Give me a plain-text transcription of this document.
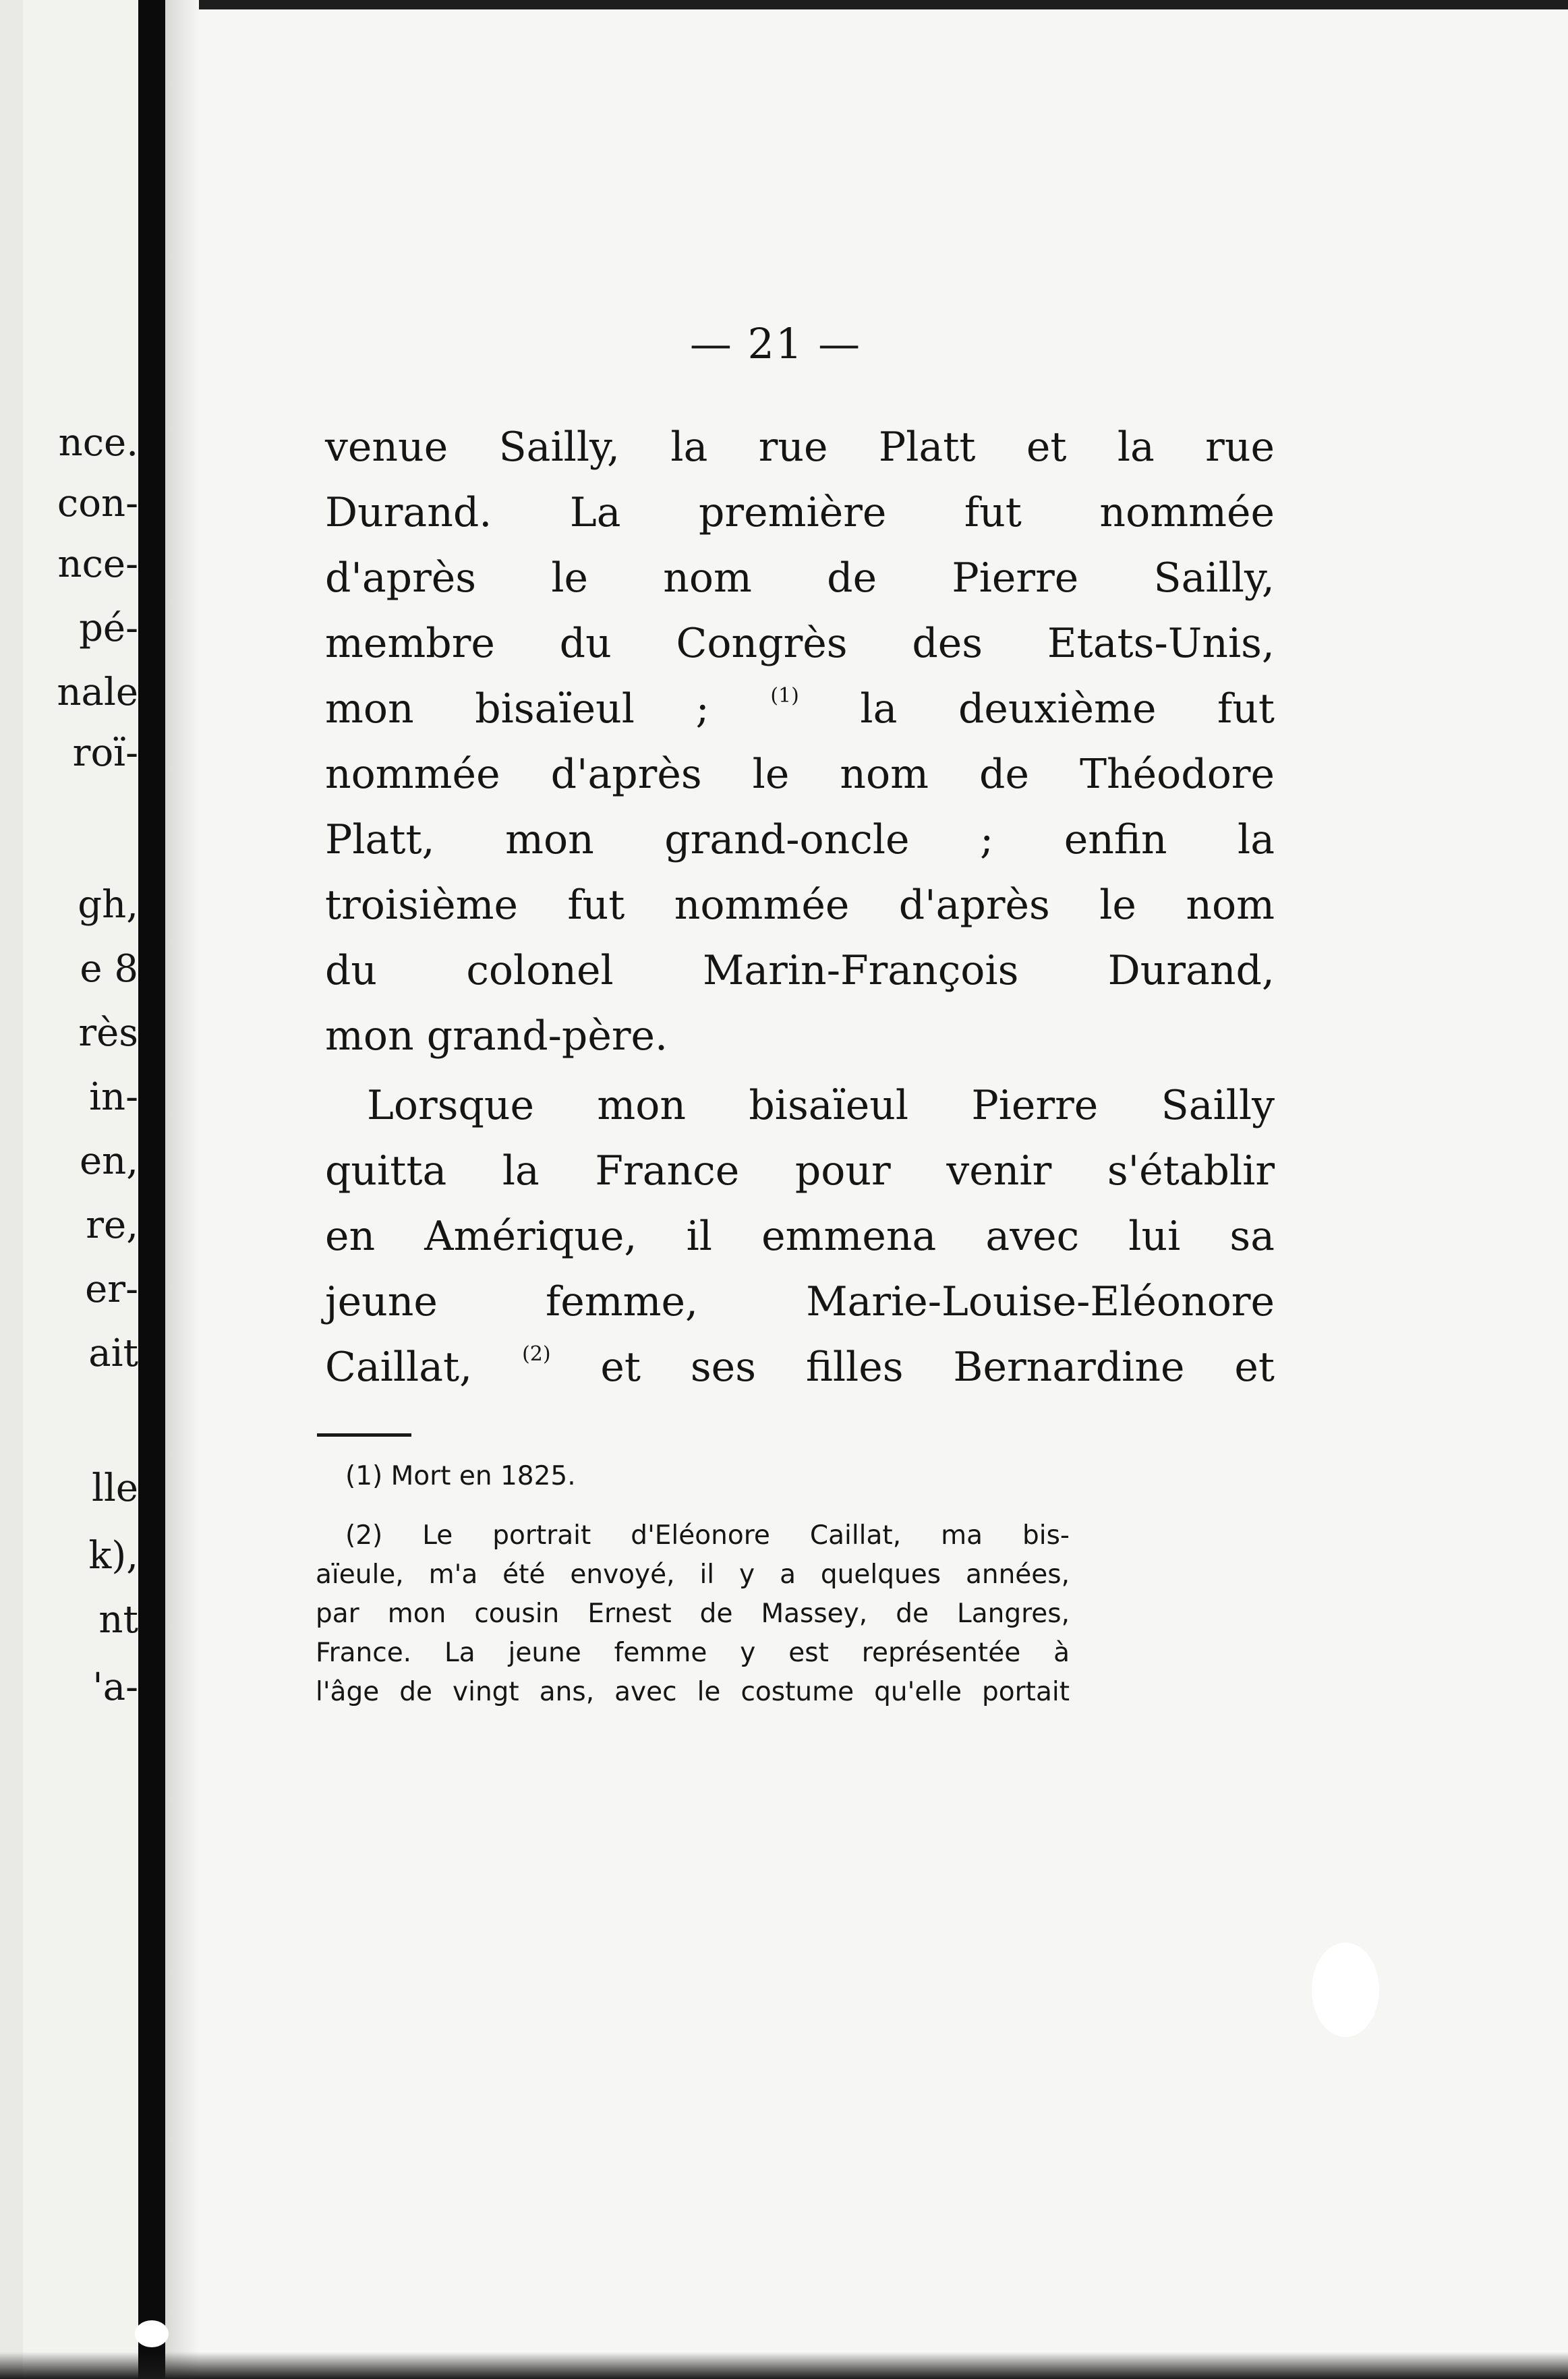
nce.
con-
nce-
pé-
nale
roï-
gh,
e 8
rès
in-
en,
re,
er-
ait
lle
k),
nt
'a-
— 21 —
venue Sailly, la rue Platt et la rue
Durand. La première fut nommée
d'après le nom de Pierre Sailly,
membre du Congrès des Etats-Unis,
mon bisaïeul ;	$^{(1)}$ la deuxième fut
nommée d'après le nom de Théodore
Platt, mon grand-oncle ; enfin la
troisième fut nommée d'après le nom
du colonel Marin-François Durand,
mon grand-père.
Lorsque mon bisaïeul Pierre Sailly
quitta la France pour venir s'établir
en Amérique, il emmena avec lui sa
jeune femme, Marie-Louise-Eléonore
Caillat, $^{(2)}$ et ses filles Bernardine et
(1) Mort en 1825.
(2) Le portrait d'Eléonore Caillat, ma bis-
aïeule, m'a été envoyé, il y a quelques années,
par mon cousin Ernest de Massey, de Langres,
France. La jeune femme y est représentée à
l'âge de vingt ans, avec le costume qu'elle portait
